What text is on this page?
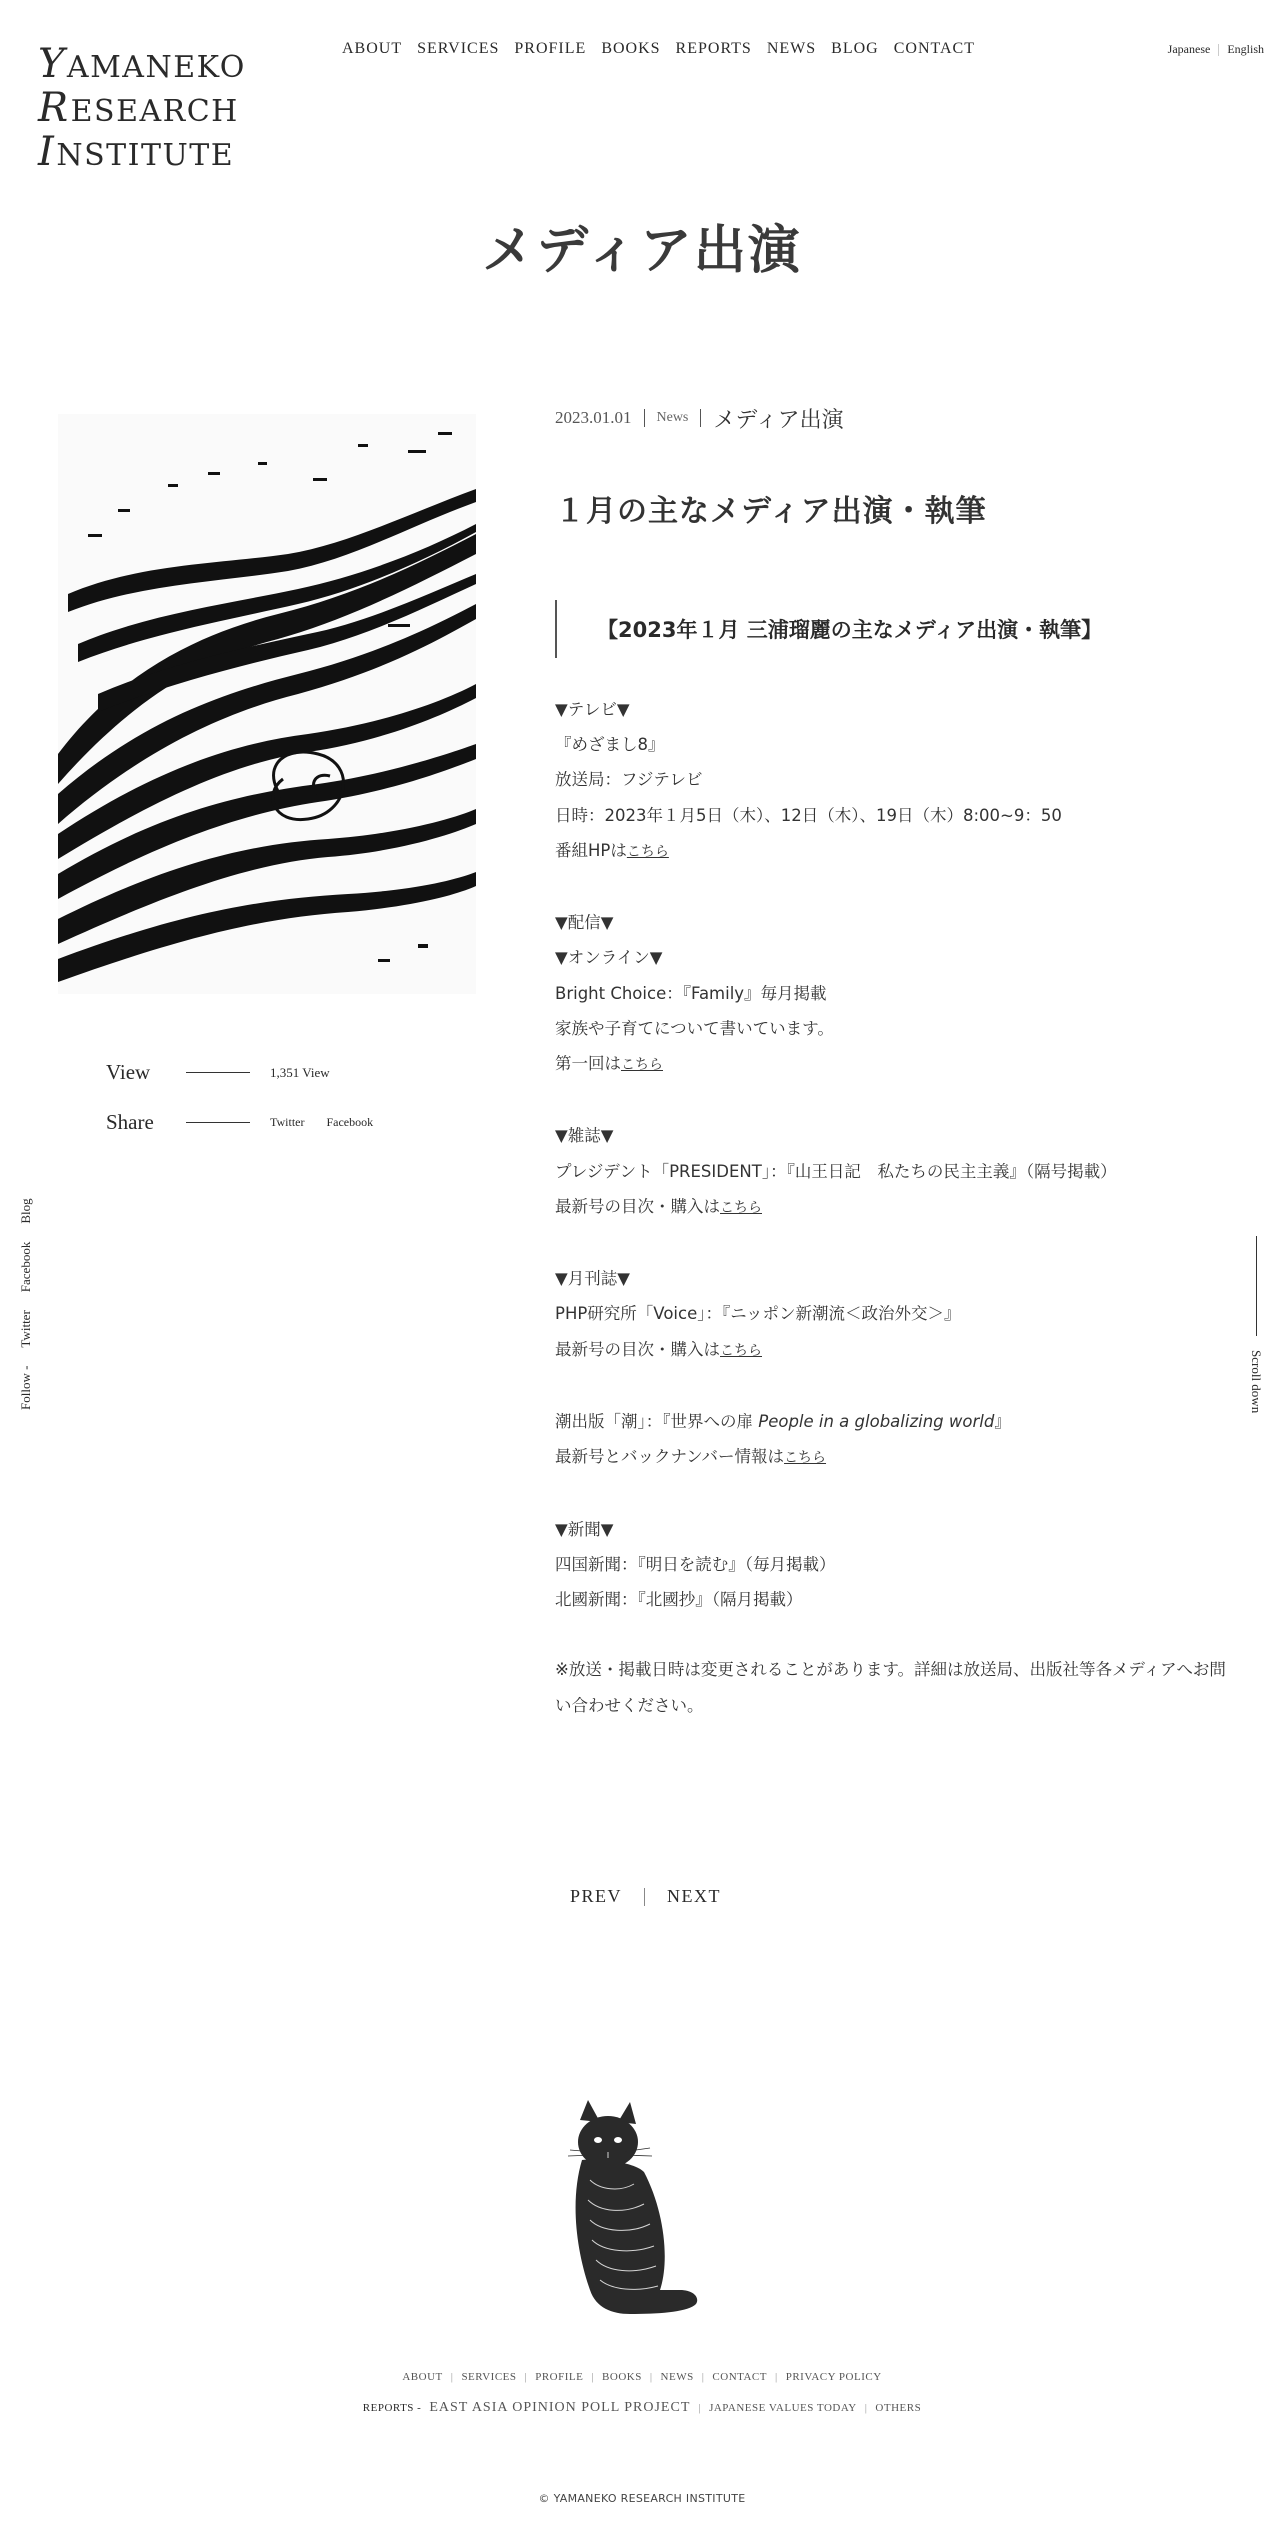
YAMANEKO
RESEARCH
INSTITUTE
ABOUT SERVICES PROFILE BOOKS REPORTS NEWS BLOG CONTACT	Japanese English
メディア出演
View	1,351 View
Share	Twitter Facebook
Follow -
Twitter
Facebook
Blog
Scroll down
2023.01.01 News メディア出演
１月の主なメディア出演・執筆
【2023年１月 三浦瑠麗の主なメディア出演・執筆】

▼テレビ▼

『めざまし8』

放送局：フジテレビ

日時：2023年１月5日（木）、12日（木）、19日（木）8:00~9：50

番組HPはこちら

▼配信▼

▼オンライン▼

Bright Choice：『Family』毎月掲載

家族や子育てについて書いています。

第一回はこちら

▼雑誌▼

プレジデント「PRESIDENT」：『山王日記　私たちの民主主義』（隔号掲載）

最新号の目次・購入はこちら

▼月刊誌▼

PHP研究所「Voice」：『ニッポン新潮流＜政治外交＞』

最新号の目次・購入はこちら

潮出版「潮」：『世界への扉 People in a globalizing world』

最新号とバックナンバー情報はこちら

▼新聞▼

四国新聞：『明日を読む』（毎月掲載）

北國新聞：『北國抄』（隔月掲載）

※放送・掲載日時は変更されることがあります。詳細は放送局、出版社等各メディアへお問い合わせください。

PREV	NEXT
ABOUT | SERVICES | PROFILE | BOOKS | NEWS | CONTACT | PRIVACY POLICY
REPORTS - EAST ASIA OPINION POLL PROJECT | JAPANESE VALUES TODAY | OTHERS
© YAMANEKO RESEARCH INSTITUTE
